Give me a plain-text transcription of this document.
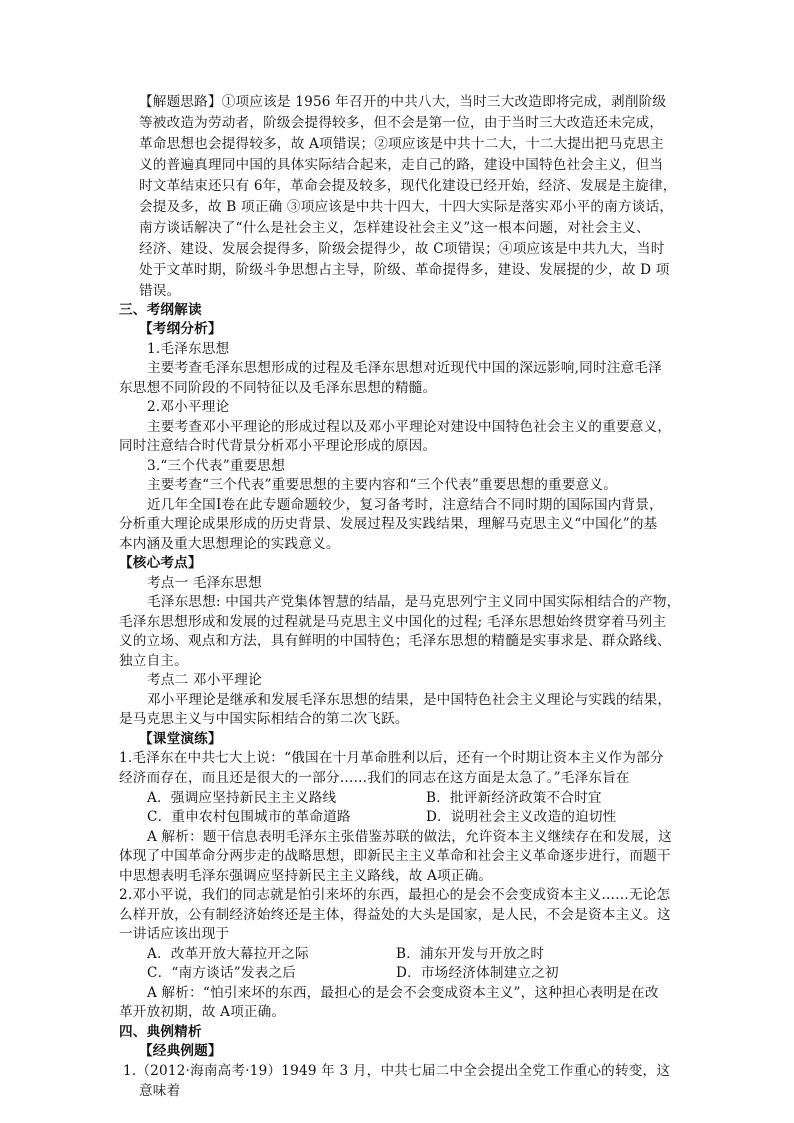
【解题思路】①项应该是 1956 年召开的中共八大，当时三大改造即将完成，剥削阶级
等被改造为劳动者，阶级会提得较多，但不会是第一位，由于当时三大改造还未完成，
革命思想也会提得较多，故 A项错误；②项应该是中共十二大，十二大提出把马克思主
义的普遍真理同中国的具体实际结合起来，走自己的路，建设中国特色社会主义，但当
时文革结束还只有 6年，革命会提及较多，现代化建设已经开始，经济、发展是主旋律，
会提及多，故 B 项正确 ③项应该是中共十四大，十四大实际是落实邓小平的南方谈话，
南方谈话解决了“什么是社会主义，怎样建设社会主义”这一根本问题，对社会主义、
经济、建设、发展会提得多，阶级会提得少，故 C项错误；④项应该是中共九大，当时
处于文革时期，阶级斗争思想占主导，阶级、革命提得多，建设、发展提的少，故 D 项
错误。
三、考纲解读
【考纲分析】
1.毛泽东思想
主要考查毛泽东思想形成的过程及毛泽东思想对近现代中国的深远影响,同时注意毛泽
东思想不同阶段的不同特征以及毛泽东思想的精髓。
2.邓小平理论
主要考查邓小平理论的形成过程以及邓小平理论对建设中国特色社会主义的重要意义，
同时注意结合时代背景分析邓小平理论形成的原因。
3.“三个代表”重要思想
主要考查“三个代表”重要思想的主要内容和“三个代表”重要思想的重要意义。
近几年全国Ⅰ卷在此专题命题较少，复习备考时，注意结合不同时期的国际国内背景，
分析重大理论成果形成的历史背景、发展过程及实践结果，理解马克思主义“中国化”的基
本内涵及重大思想理论的实践意义。
【核心考点】
考点一 毛泽东思想
毛泽东思想: 中国共产党集体智慧的结晶，是马克思列宁主义同中国实际相结合的产物，
毛泽东思想形成和发展的过程就是马克思主义中国化的过程; 毛泽东思想始终贯穿着马列主
义的立场、观点和方法，具有鲜明的中国特色；毛泽东思想的精髓是实事求是、群众路线、
独立自主。
考点二 邓小平理论
邓小平理论是继承和发展毛泽东思想的结果，是中国特色社会主义理论与实践的结果，
是马克思主义与中国实际相结合的第二次飞跃。
【课堂演练】
1.毛泽东在中共七大上说：“俄国在十月革命胜利以后，还有一个时期让资本主义作为部分
经济而存在，而且还是很大的一部分……我们的同志在这方面是太急了。”毛泽东旨在
A．强调应坚持新民主主义路线	B．批评新经济政策不合时宜
C．重申农村包围城市的革命道路	D．说明社会主义改造的迫切性
A 解析：题干信息表明毛泽东主张借鉴苏联的做法，允许资本主义继续存在和发展，这
体现了中国革命分两步走的战略思想，即新民主主义革命和社会主义革命逐步进行，而题干
中思想表明毛泽东强调应坚持新民主主义路线，故 A项正确。
2.邓小平说，我们的同志就是怕引来坏的东西，最担心的是会不会变成资本主义……无论怎
么样开放，公有制经济始终还是主体，得益处的大头是国家，是人民，不会是资本主义。这
一讲话应该出现于
A．改革开放大幕拉开之际	B．浦东开发与开放之时
C．“南方谈话”发表之后	D．市场经济体制建立之初
A 解析：“怕引来坏的东西，最担心的是会不会变成资本主义”，这种担心表明是在改
革开放初期，故 A项正确。
四、典例精析
【经典例题】
1.（2012·海南高考·19）1949 年 3 月，中共七届二中全会提出全党工作重心的转变，这
意味着
